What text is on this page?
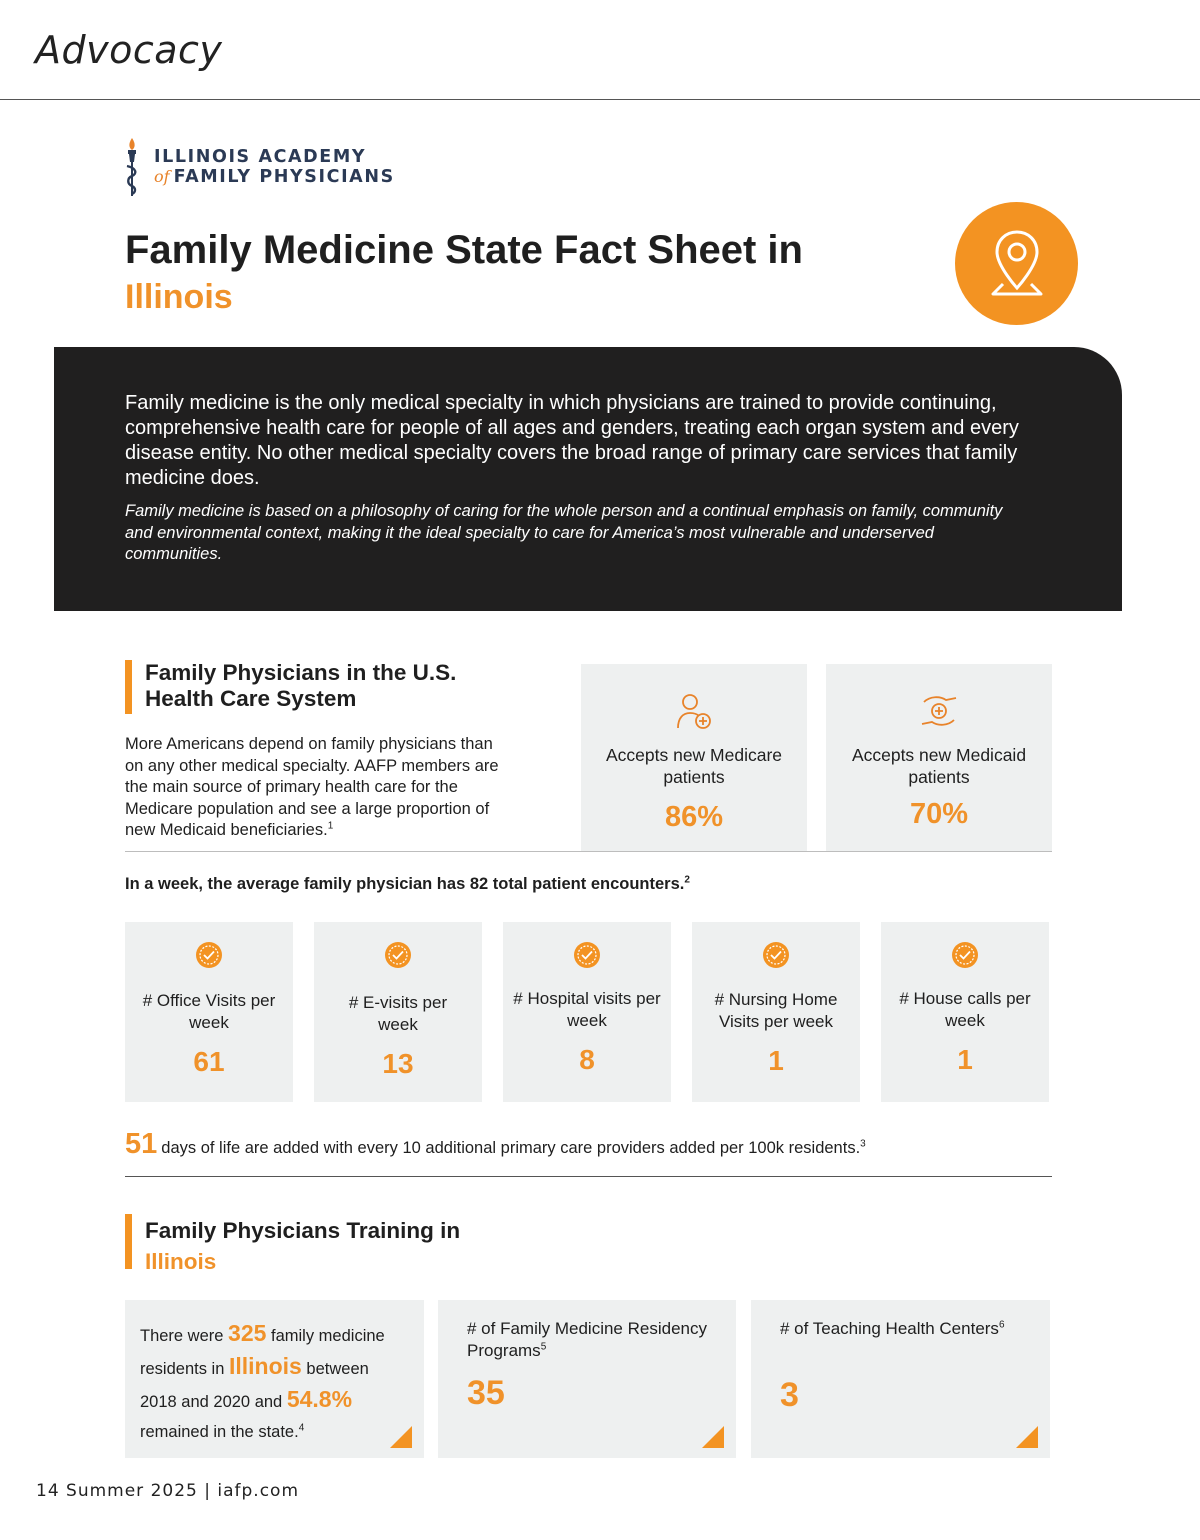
Advocacy
ILLINOIS ACADEMY
of FAMILY PHYSICIANS
Family Medicine State Fact Sheet in
Illinois

Family medicine is the only medical specialty in which physicians are trained to provide continuing, comprehensive health care for people of all ages and genders, treating each organ system and every disease entity. No other medical specialty covers the broad range of primary care services that family medicine does.

Family medicine is based on a philosophy of caring for the whole person and a continual emphasis on family, community and environmental context, making it the ideal specialty to care for America’s most vulnerable and underserved communities.

Family Physicians in the U.S.
Health Care System
More Americans depend on family physicians than on any other medical specialty. AAFP members are the main source of primary health care for the Medicare population and see a large proportion of new Medicaid beneficiaries.$^1$
Accepts new Medicare patients
86%
Accepts new Medicaid patients
70%
In a week, the average family physician has 82 total patient encounters.$^2$
# Office Visits per week
61
# E-visits per week
13
# Hospital visits per week
8
# Nursing Home Visits per week
1
# House calls per week
1
51 days of life are added with every 10 additional primary care providers added per 100k residents.$^3$
Family Physicians Training in
Illinois
There were 325 family medicine residents in Illinois between 2018 and 2020 and 54.8% remained in the state.$^4$
# of Family Medicine Residency Programs$^5$
35
# of Teaching Health Centers$^6$
3
14 Summer 2025 | iafp.com
